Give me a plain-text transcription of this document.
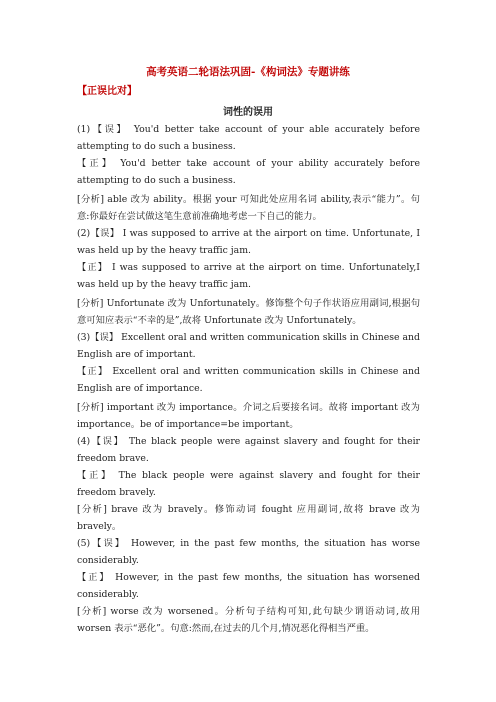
高考英语二轮语法巩固-《构词法》专题讲练
【正误比对】
词性的误用

(1)【误】 You'd better take account of your able accurately before attempting to do such a business.

【正】 You'd better take account of your ability accurately before attempting to do such a business.

[分析] able 改为 ability。根据 your 可知此处应用名词 ability,表示“能力”。句意:你最好在尝试做这笔生意前准确地考虑一下自己的能力。

(2)【误】 I was supposed to arrive at the airport on time. Unfortunate, I was held up by the heavy traffic jam.

【正】 I was supposed to arrive at the airport on time. Unfortunately,I was held up by the heavy traffic jam.

[分析] Unfortunate 改为 Unfortunately。修饰整个句子作状语应用副词,根据句意可知应表示“不幸的是”,故将 Unfortunate 改为 Unfortunately。

(3)【误】 Excellent oral and written communication skills in Chinese and English are of important.

【正】 Excellent oral and written communication skills in Chinese and English are of importance.

[分析] important 改为 importance。介词之后要接名词。故将 important 改为 importance。be of importance=be important。

(4)【误】 The black people were against slavery and fought for their freedom brave.

【正】 The black people were against slavery and fought for their freedom bravely.

[分析] brave 改为 bravely。修饰动词 fought 应用副词,故将 brave 改为 bravely。

(5)【误】 However, in the past few months, the situation has worse considerably.

【正】 However, in the past few months, the situation has worsened considerably.

[分析] worse 改为 worsened。分析句子结构可知,此句缺少谓语动词,故用 worsen 表示“恶化”。句意:然而,在过去的几个月,情况恶化得相当严重。
